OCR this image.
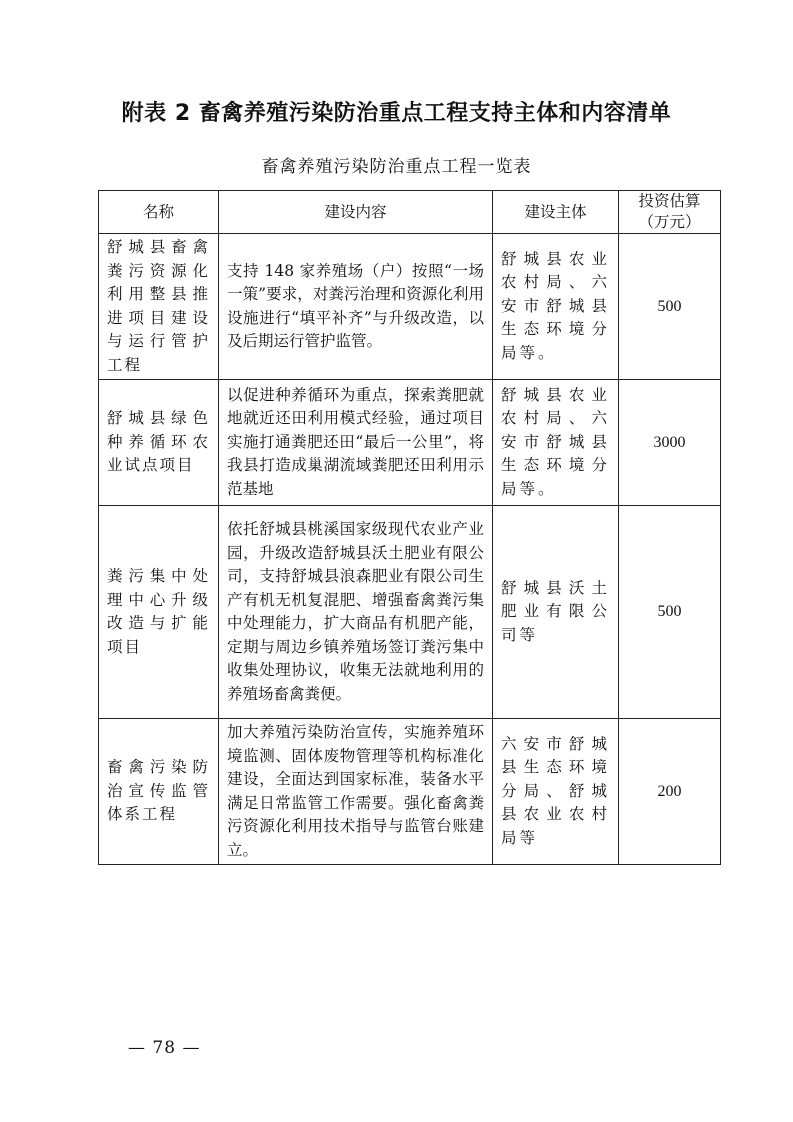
附表 2 畜禽养殖污染防治重点工程支持主体和内容清单
畜禽养殖污染防治重点工程一览表
名称	建设内容	建设主体	投资估算
（万元）

舒城县畜禽粪污资源化利用整县推进项目建设与运行管护工程	支持 148 家养殖场（户）按照“一场一策”要求，对粪污治理和资源化利用设施进行“填平补齐”与升级改造，以及后期运行管护监管。	舒城县农业农村局、六安市舒城县生态环境分局等。	500
舒城县绿色种养循环农业试点项目	以促进种养循环为重点，探索粪肥就地就近还田利用模式经验，通过项目实施打通粪肥还田“最后一公里”，将我县打造成巢湖流域粪肥还田利用示范基地	舒城县农业农村局、六安市舒城县生态环境分局等。	3000
粪污集中处理中心升级改造与扩能项目	依托舒城县桃溪国家级现代农业产业园，升级改造舒城县沃土肥业有限公司，支持舒城县浪森肥业有限公司生产有机无机复混肥、增强畜禽粪污集中处理能力，扩大商品有机肥产能，定期与周边乡镇养殖场签订粪污集中收集处理协议，收集无法就地利用的养殖场畜禽粪便。	舒城县沃土肥业有限公司等	500
畜禽污染防治宣传监管体系工程	加大养殖污染防治宣传，实施养殖环境监测、固体废物管理等机构标准化建设，全面达到国家标准，装备水平满足日常监管工作需要。强化畜禽粪污资源化利用技术指导与监管台账建立。	六安市舒城县生态环境分局、舒城县农业农村局等	200
— 78 —
